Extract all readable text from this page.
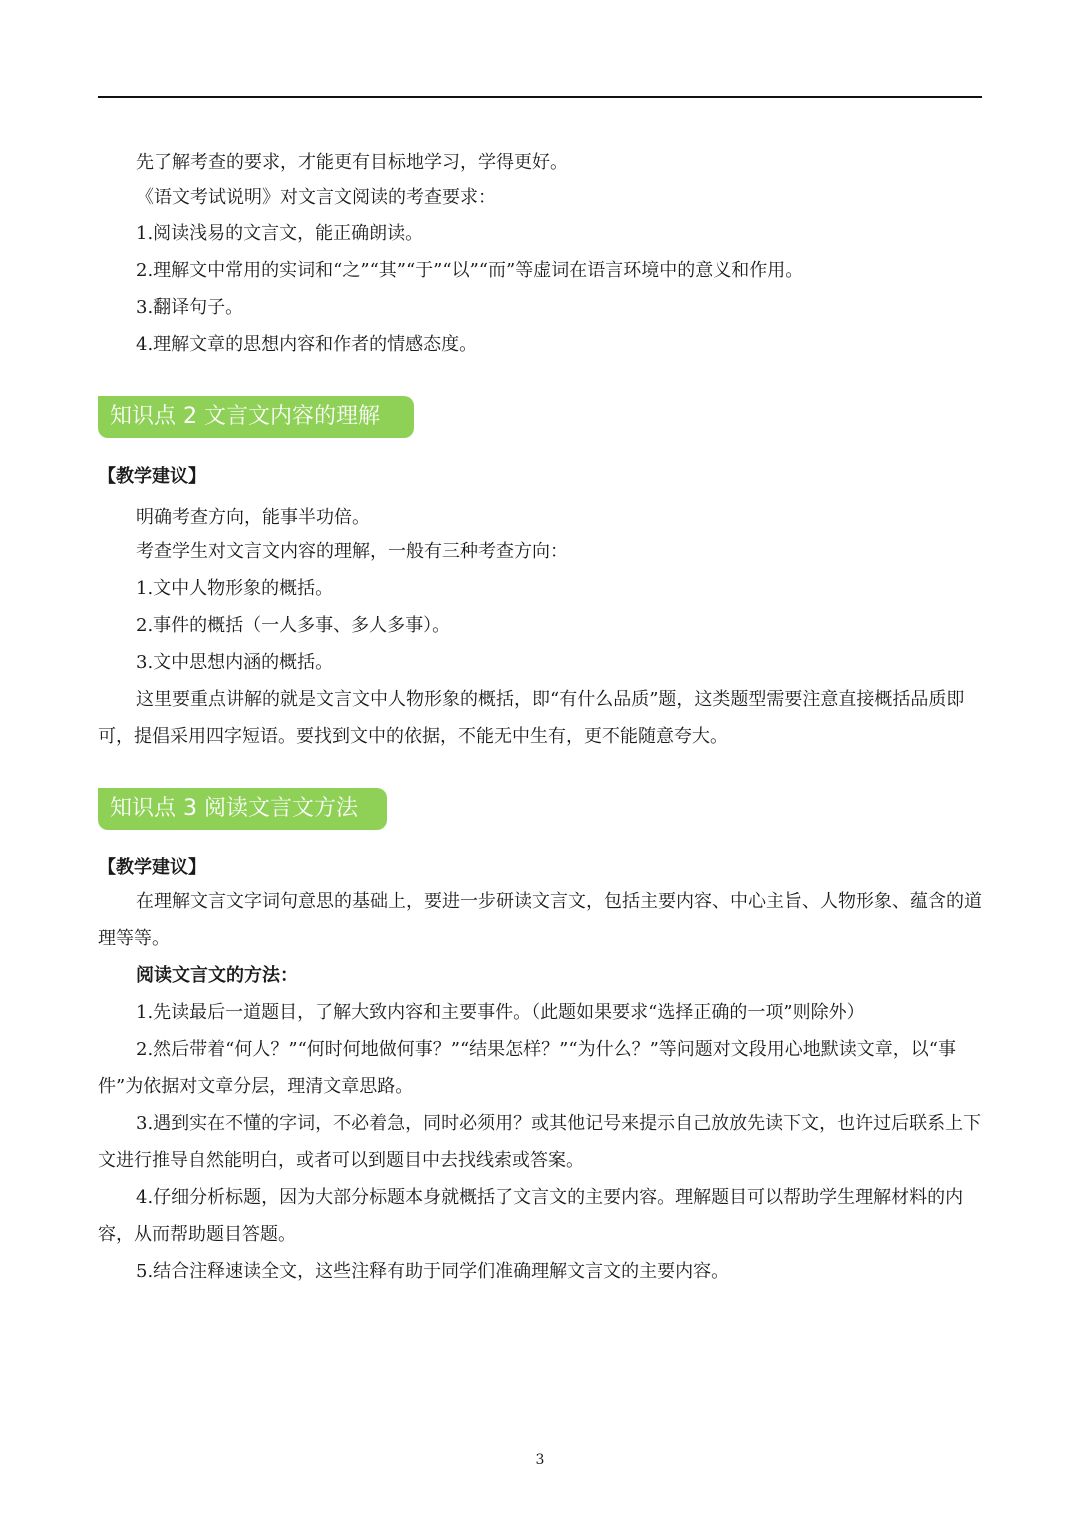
先了解考查的要求，才能更有目标地学习，学得更好。
《语文考试说明》对文言文阅读的考查要求：
1.阅读浅易的文言文，能正确朗读。
2.理解文中常用的实词和“之”“其”“于”“以”“而”等虚词在语言环境中的意义和作用。
3.翻译句子。
4.理解文章的思想内容和作者的情感态度。
知识点 2 文言文内容的理解
【教学建议】
明确考查方向，能事半功倍。
考查学生对文言文内容的理解，一般有三种考查方向：
1.文中人物形象的概括。
2.事件的概括（一人多事、多人多事）。
3.文中思想内涵的概括。
这里要重点讲解的就是文言文中人物形象的概括，即“有什么品质”题，这类题型需要注意直接概括品质即可，提倡采用四字短语。要找到文中的依据，不能无中生有，更不能随意夸大。
知识点 3 阅读文言文方法
【教学建议】
在理解文言文字词句意思的基础上，要进一步研读文言文，包括主要内容、中心主旨、人物形象、蕴含的道理等等。
阅读文言文的方法：
1.先读最后一道题目，了解大致内容和主要事件。（此题如果要求“选择正确的一项”则除外）
2.然后带着“何人？”“何时何地做何事？”“结果怎样？”“为什么？”等问题对文段用心地默读文章，以“事件”为依据对文章分层，理清文章思路。
3.遇到实在不懂的字词，不必着急，同时必须用？或其他记号来提示自己放放先读下文，也许过后联系上下文进行推导自然能明白，或者可以到题目中去找线索或答案。
4.仔细分析标题，因为大部分标题本身就概括了文言文的主要内容。理解题目可以帮助学生理解材料的内容，从而帮助题目答题。
5.结合注释速读全文，这些注释有助于同学们准确理解文言文的主要内容。
3
